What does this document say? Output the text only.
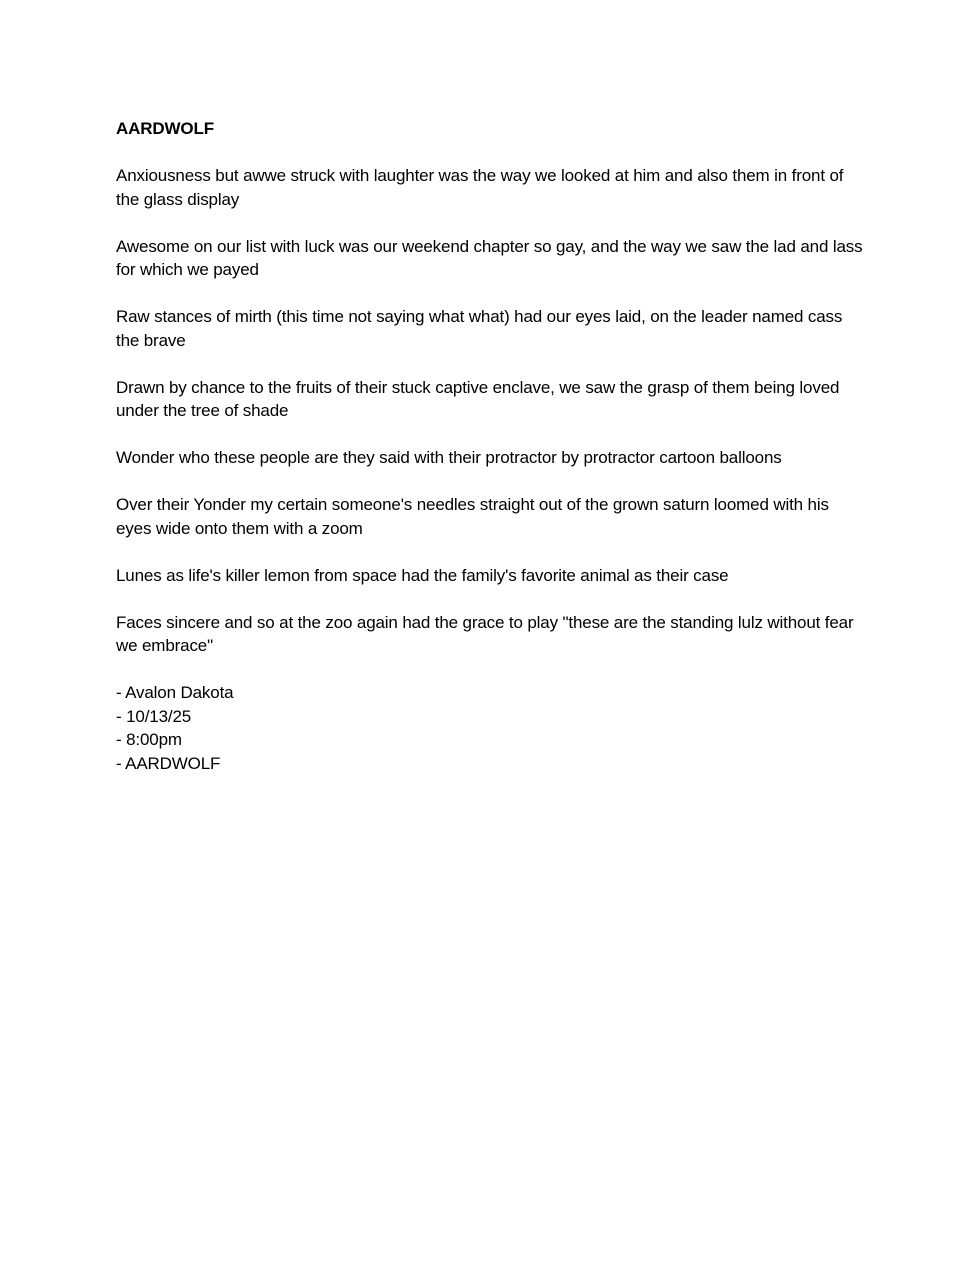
AARDWOLF
Anxiousness but awwe struck with laughter was the way we looked at him and also them in front of the glass display
Awesome on our list with luck was our weekend chapter so gay, and the way we saw the lad and lass for which we payed
Raw stances of mirth (this time not saying what what) had our eyes laid, on the leader named cass the brave
Drawn by chance to the fruits of their stuck captive enclave, we saw the grasp of them being loved under the tree of shade
Wonder who these people are they said with their protractor by protractor cartoon balloons
Over their Yonder my certain someone's needles straight out of the grown saturn loomed with his eyes wide onto them with a zoom
Lunes as life's killer lemon from space had the family's favorite animal as their case
Faces sincere and so at the zoo again had the grace to play "these are the standing lulz without fear we embrace"
- Avalon Dakota
- 10/13/25
- 8:00pm
- AARDWOLF
